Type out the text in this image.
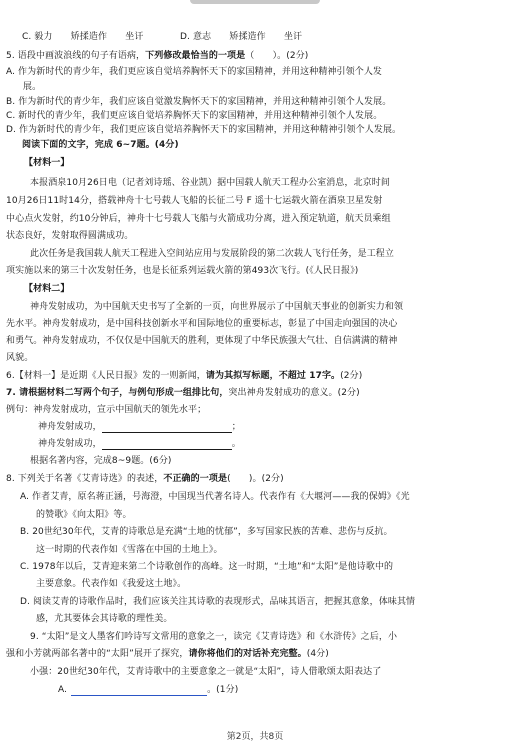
C. 毅力　　矫揉造作　　坐讦	D. 意志　　矫揉造作　　坐讦
5. 语段中画波浪线的句子有语病，下列修改最恰当的一项是（　　）。(2分)
A. 作为新时代的青少年，我们更应该自觉培养胸怀天下的家国精神，并用这种精神引领个人发
展。
B. 作为新时代的青少年，我们应该自觉激发胸怀天下的家国精神，并用这种精神引领个人发展。
C. 新时代的青少年，我们更应该自觉培养胸怀天下的家国精神，并用这种精神引领个人发展。
D. 作为新时代的青少年，我们更应该自觉培养胸怀天下的家国精神，并用这种精神引领个人发展。
阅读下面的文字，完成 6~7题。(4分)
【材料一】
本报酒泉10月26日电（记者刘诗瑶、谷业凯）据中国载人航天工程办公室消息，北京时间
10月26日11时14分，搭载神舟十七号载人飞船的长征二号 F 遥十七运载火箭在酒泉卫星发射
中心点火发射，约10分钟后，神舟十七号载人飞船与火箭成功分离，进入预定轨道，航天员乘组
状态良好，发射取得圆满成功。
此次任务是我国载人航天工程进入空间站应用与发展阶段的第二次载人飞行任务，是工程立
项实施以来的第三十次发射任务，也是长征系列运载火箭的第493次飞行。(《人民日报》)
【材料二】
神舟发射成功，为中国航天史书写了全新的一页，向世界展示了中国航天事业的创新实力和领
先水平。神舟发射成功，是中国科技创新水平和国际地位的重要标志，彰显了中国走向强国的决心
和勇气。神舟发射成功，不仅仅是中国航天的胜利，更体现了中华民族强大气壮、自信满满的精神
风貌。
6.【材料一】是近期《人民日报》发的一则新闻，请为其拟写标题，不超过 17字。(2分)
7. 请根据材料二写两个句子，与例句形成一组排比句，突出神舟发射成功的意义。(2分)
例句：神舟发射成功，宣示中国航天的领先水平；
神舟发射成功，	；
神舟发射成功，	。
根据名著内容，完成8~9题。(6分)
8. 下列关于名著《艾青诗选》的表述，不正确的一项是(　　)。(2分)
A. 作者艾青，原名蒋正涵，号海澄，中国现当代著名诗人。代表作有《大堰河——我的保姆》《光
的赞歌》《向太阳》等。
B. 20世纪30年代，艾青的诗歌总是充满“土地的忧郁”，多写国家民族的苦难、悲伤与反抗。
这一时期的代表作如《雪落在中国的土地上》。
C. 1978年以后，艾青迎来第二个诗歌创作的高峰。这一时期，“土地”和“太阳”是他诗歌中的
主要意象。代表作如《我爱这土地》。
D. 阅读艾青的诗歌作品时，我们应该关注其诗歌的表现形式，品味其语言，把握其意象，体味其情
感，尤其要体会其诗歌的理性美。
9. “太阳”是文人墨客们吟诗写文常用的意象之一，读完《艾青诗选》和《水浒传》之后，小
强和小芳就两部名著中的“太阳”展开了探究，请你将他们的对话补充完整。(4分)
小强：20世纪30年代，艾青诗歌中的主要意象之一就是“太阳”，诗人借歌颂太阳表达了
A.	。(1分)
第2页，共8页
